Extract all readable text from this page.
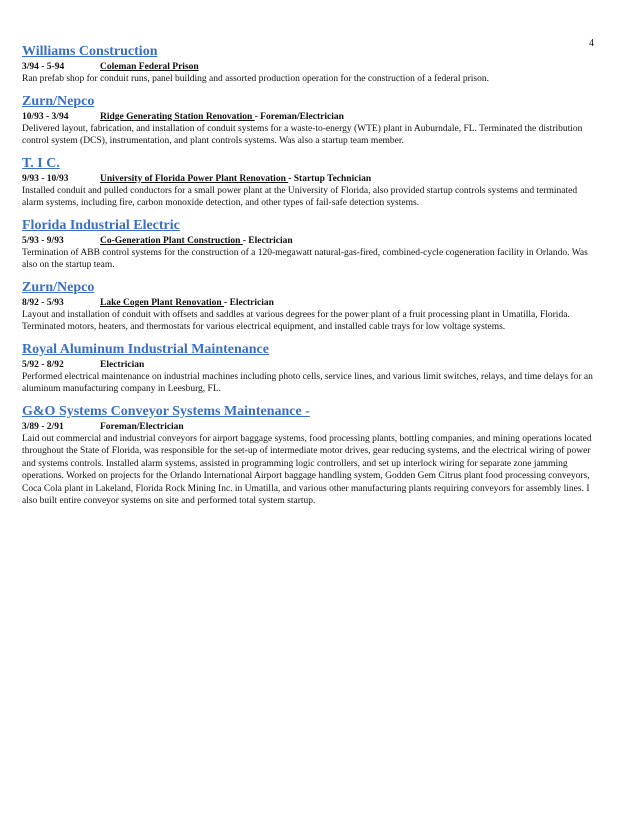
4
Williams Construction
3/94 - 5-94	Coleman Federal Prison

Ran prefab shop for conduit runs, panel building and assorted production operation for the construction of a federal prison.

Zurn/Nepco
10/93 - 3/94	Ridge Generating Station Renovation - Foreman/Electrician

Delivered layout, fabrication, and installation of conduit systems for a waste-to-energy (WTE) plant in Auburndale, FL. Terminated the distribution control system (DCS), instrumentation, and plant controls systems. Was also a startup team member.

T. I C.
9/93 - 10/93	University of Florida Power Plant Renovation - Startup Technician

Installed conduit and pulled conductors for a small power plant at the University of Florida, also provided startup controls systems and terminated alarm systems, including fire, carbon monoxide detection, and other types of fail-safe detection systems.

Florida Industrial Electric
5/93 - 9/93	Co-Generation Plant Construction - Electrician

Termination of ABB control systems for the construction of a 120-megawatt natural-gas-fired, combined-cycle cogeneration facility in Orlando. Was also on the startup team.

Zurn/Nepco
8/92 - 5/93	Lake Cogen Plant Renovation - Electrician

Layout and installation of conduit with offsets and saddles at various degrees for the power plant of a fruit processing plant in Umatilla, Florida. Terminated motors, heaters, and thermostats for various electrical equipment, and installed cable trays for low voltage systems.

Royal Aluminum Industrial Maintenance
5/92 - 8/92	Electrician

Performed electrical maintenance on industrial machines including photo cells, service lines, and various limit switches, relays, and time delays for an aluminum manufacturing company in Leesburg, FL.

G&O Systems Conveyor Systems Maintenance -
3/89 - 2/91	Foreman/Electrician

Laid out commercial and industrial conveyors for airport baggage systems, food processing plants, bottling companies, and mining operations located throughout the State of Florida, was responsible for the set-up of intermediate motor drives, gear reducing systems, and the electrical wiring of power and systems controls. Installed alarm systems, assisted in programming logic controllers, and set up interlock wiring for separate zone jamming operations. Worked on projects for the Orlando International Airport baggage handling system, Godden Gem Citrus plant food processing conveyors, Coca Cola plant in Lakeland, Florida Rock Mining Inc. in Umatilla, and various other manufacturing plants requiring conveyors for assembly lines. I also built entire conveyor systems on site and performed total system startup.
